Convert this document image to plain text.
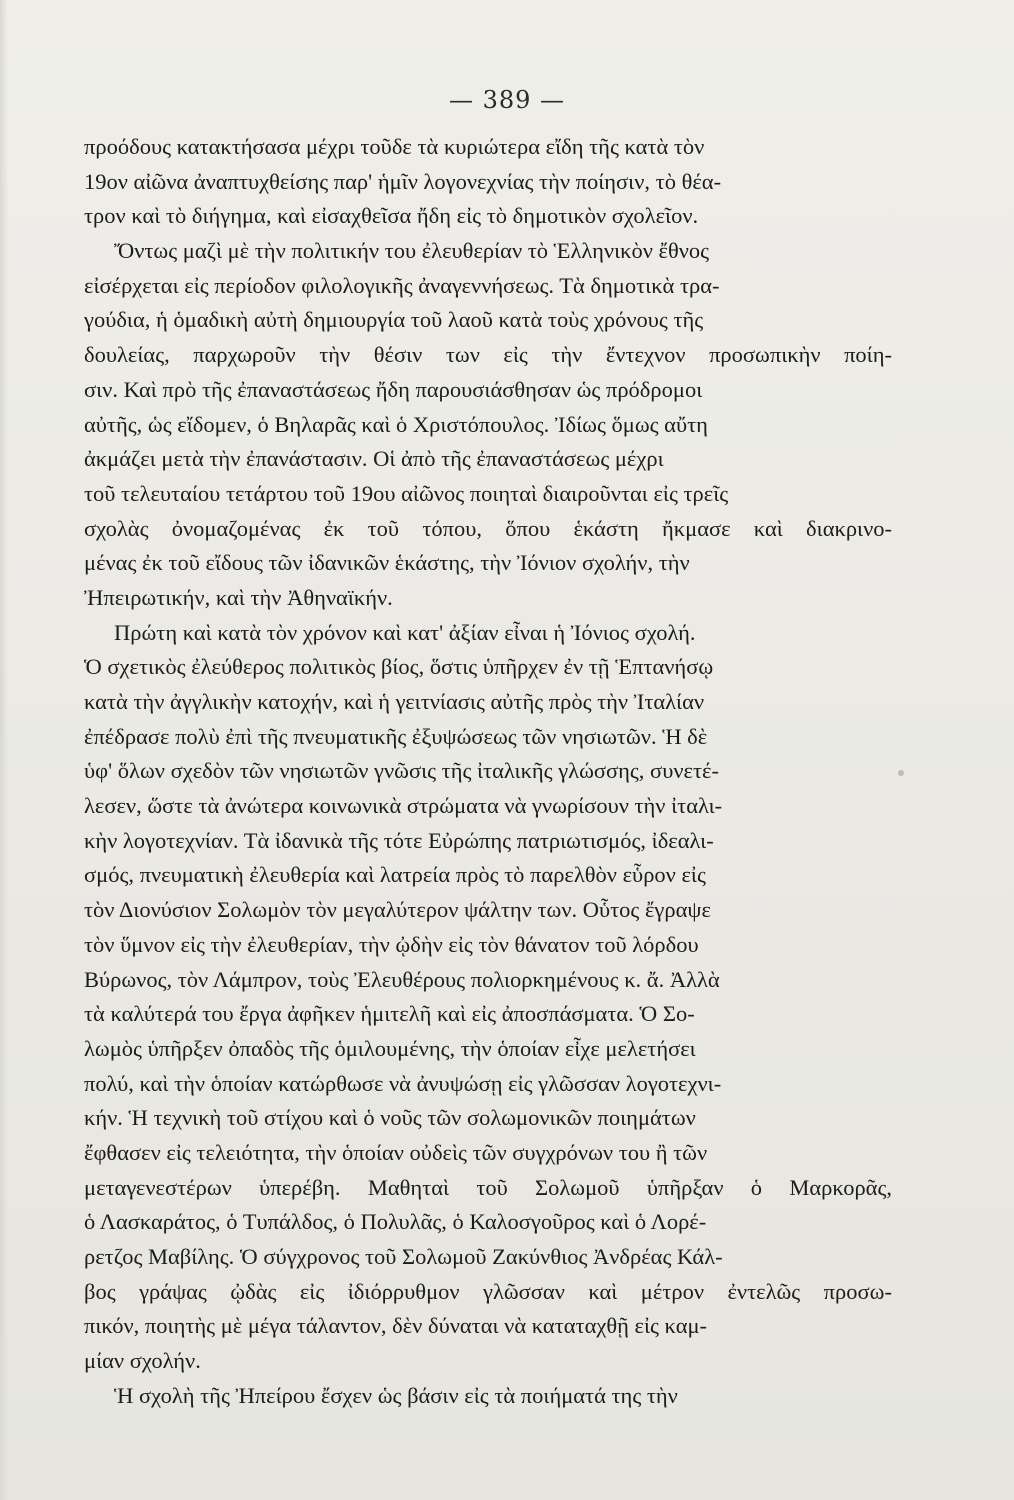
— 389 —
προόδους κατακτήσασα μέχρι τοῦδε τὰ κυριώτερα εἴδη τῆς κατὰ τὸν
19ον αἰῶνα ἀναπτυχθείσης παρ' ἡμῖν λογονεχνίας τὴν ποίησιν, τὸ θέα-
τρον καὶ τὸ διήγημα, καὶ εἰσαχθεῖσα ἤδη εἰς τὸ δημοτικὸν σχολεῖον.
Ὄντως μαζὶ μὲ τὴν πολιτικήν του ἐλευθερίαν τὸ Ἑλληνικὸν ἔθνος
εἰσέρχεται εἰς περίοδον φιλολογικῆς ἀναγεννήσεως. Τὰ δημοτικὰ τρα-
γούδια, ἡ ὁμαδικὴ αὐτὴ δημιουργία τοῦ λαοῦ κατὰ τοὺς χρόνους τῆς
δουλείας, παρχωροῦν τὴν θέσιν των εἰς τὴν ἔντεχνον προσωπικὴν ποίη-
σιν. Καὶ πρὸ τῆς ἐπαναστάσεως ἤδη παρουσιάσθησαν ὡς πρόδρομοι
αὐτῆς, ὡς εἴδομεν, ὁ Βηλαρᾶς καὶ ὁ Χριστόπουλος. Ἰδίως ὅμως αὔτη
ἀκμάζει μετὰ τὴν ἐπανάστασιν. Οἱ ἀπὸ τῆς ἐπαναστάσεως μέχρι
τοῦ τελευταίου τετάρτου τοῦ 19ου αἰῶνος ποιηταὶ διαιροῦνται εἰς τρεῖς
σχολὰς ὀνομαζομένας ἐκ τοῦ τόπου, ὅπου ἑκάστη ἤκμασε καὶ διακρινο-
μένας ἐκ τοῦ εἴδους τῶν ἰδανικῶν ἑκάστης, τὴν Ἰόνιον σχολήν, τὴν
Ἠπειρωτικήν, καὶ τὴν Ἀθηναϊκήν.
Πρώτη καὶ κατὰ τὸν χρόνον καὶ κατ' ἀξίαν εἶναι ἡ Ἰόνιος σχολή.
Ὁ σχετικὸς ἐλεύθερος πολιτικὸς βίος, ὅστις ὑπῆρχεν ἐν τῇ Ἑπτανήσῳ
κατὰ τὴν ἀγγλικὴν κατοχήν, καὶ ἡ γειτνίασις αὐτῆς πρὸς τὴν Ἰταλίαν
ἐπέδρασε πολὺ ἐπὶ τῆς πνευματικῆς ἐξυψώσεως τῶν νησιωτῶν. Ἡ δὲ
ὑφ' ὅλων σχεδὸν τῶν νησιωτῶν γνῶσις τῆς ἰταλικῆς γλώσσης, συνετέ-
λεσεν, ὥστε τὰ ἀνώτερα κοινωνικὰ στρώματα νὰ γνωρίσουν τὴν ἰταλι-
κὴν λογοτεχνίαν. Τὰ ἰδανικὰ τῆς τότε Εὐρώπης πατριωτισμός, ἰδεαλι-
σμός, πνευματικὴ ἐλευθερία καὶ λατρεία πρὸς τὸ παρελθὸν εὗρον εἰς
τὸν Διονύσιον Σολωμὸν τὸν μεγαλύτερον ψάλτην των. Οὗτος ἔγραψε
τὸν ὕμνον εἰς τὴν ἐλευθερίαν, τὴν ᾠδὴν εἰς τὸν θάνατον τοῦ λόρδου
Βύρωνος, τὸν Λάμπρον, τοὺς Ἐλευθέρους πολιορκημένους κ. ἄ. Ἀλλὰ
τὰ καλύτερά του ἔργα ἀφῆκεν ἡμιτελῆ καὶ εἰς ἀποσπάσματα. Ὁ Σο-
λωμὸς ὑπῆρξεν ὀπαδὸς τῆς ὁμιλουμένης, τὴν ὁποίαν εἶχε μελετήσει
πολύ, καὶ τὴν ὁποίαν κατώρθωσε νὰ ἀνυψώσῃ εἰς γλῶσσαν λογοτεχνι-
κήν. Ἡ τεχνικὴ τοῦ στίχου καὶ ὁ νοῦς τῶν σολωμονικῶν ποιημάτων
ἔφθασεν εἰς τελειότητα, τὴν ὁποίαν οὐδεὶς τῶν συγχρόνων του ἢ τῶν
μεταγενεστέρων ὑπερέβη. Μαθηταὶ τοῦ Σολωμοῦ ὑπῆρξαν ὁ Μαρκορᾶς,
ὁ Λασκαράτος, ὁ Τυπάλδος, ὁ Πολυλᾶς, ὁ Καλοσγοῦρος καὶ ὁ Λορέ-
ρετζος Μαβίλης. Ὁ σύγχρονος τοῦ Σολωμοῦ Ζακύνθιος Ἀνδρέας Κάλ-
βος γράψας ᾠδὰς εἰς ἰδιόρρυθμον γλῶσσαν καὶ μέτρον ἐντελῶς προσω-
πικόν, ποιητὴς μὲ μέγα τάλαντον, δὲν δύναται νὰ καταταχθῇ εἰς καμ-
μίαν σχολήν.
Ἡ σχολὴ τῆς Ἠπείρου ἔσχεν ὡς βάσιν εἰς τὰ ποιήματά της τὴν
